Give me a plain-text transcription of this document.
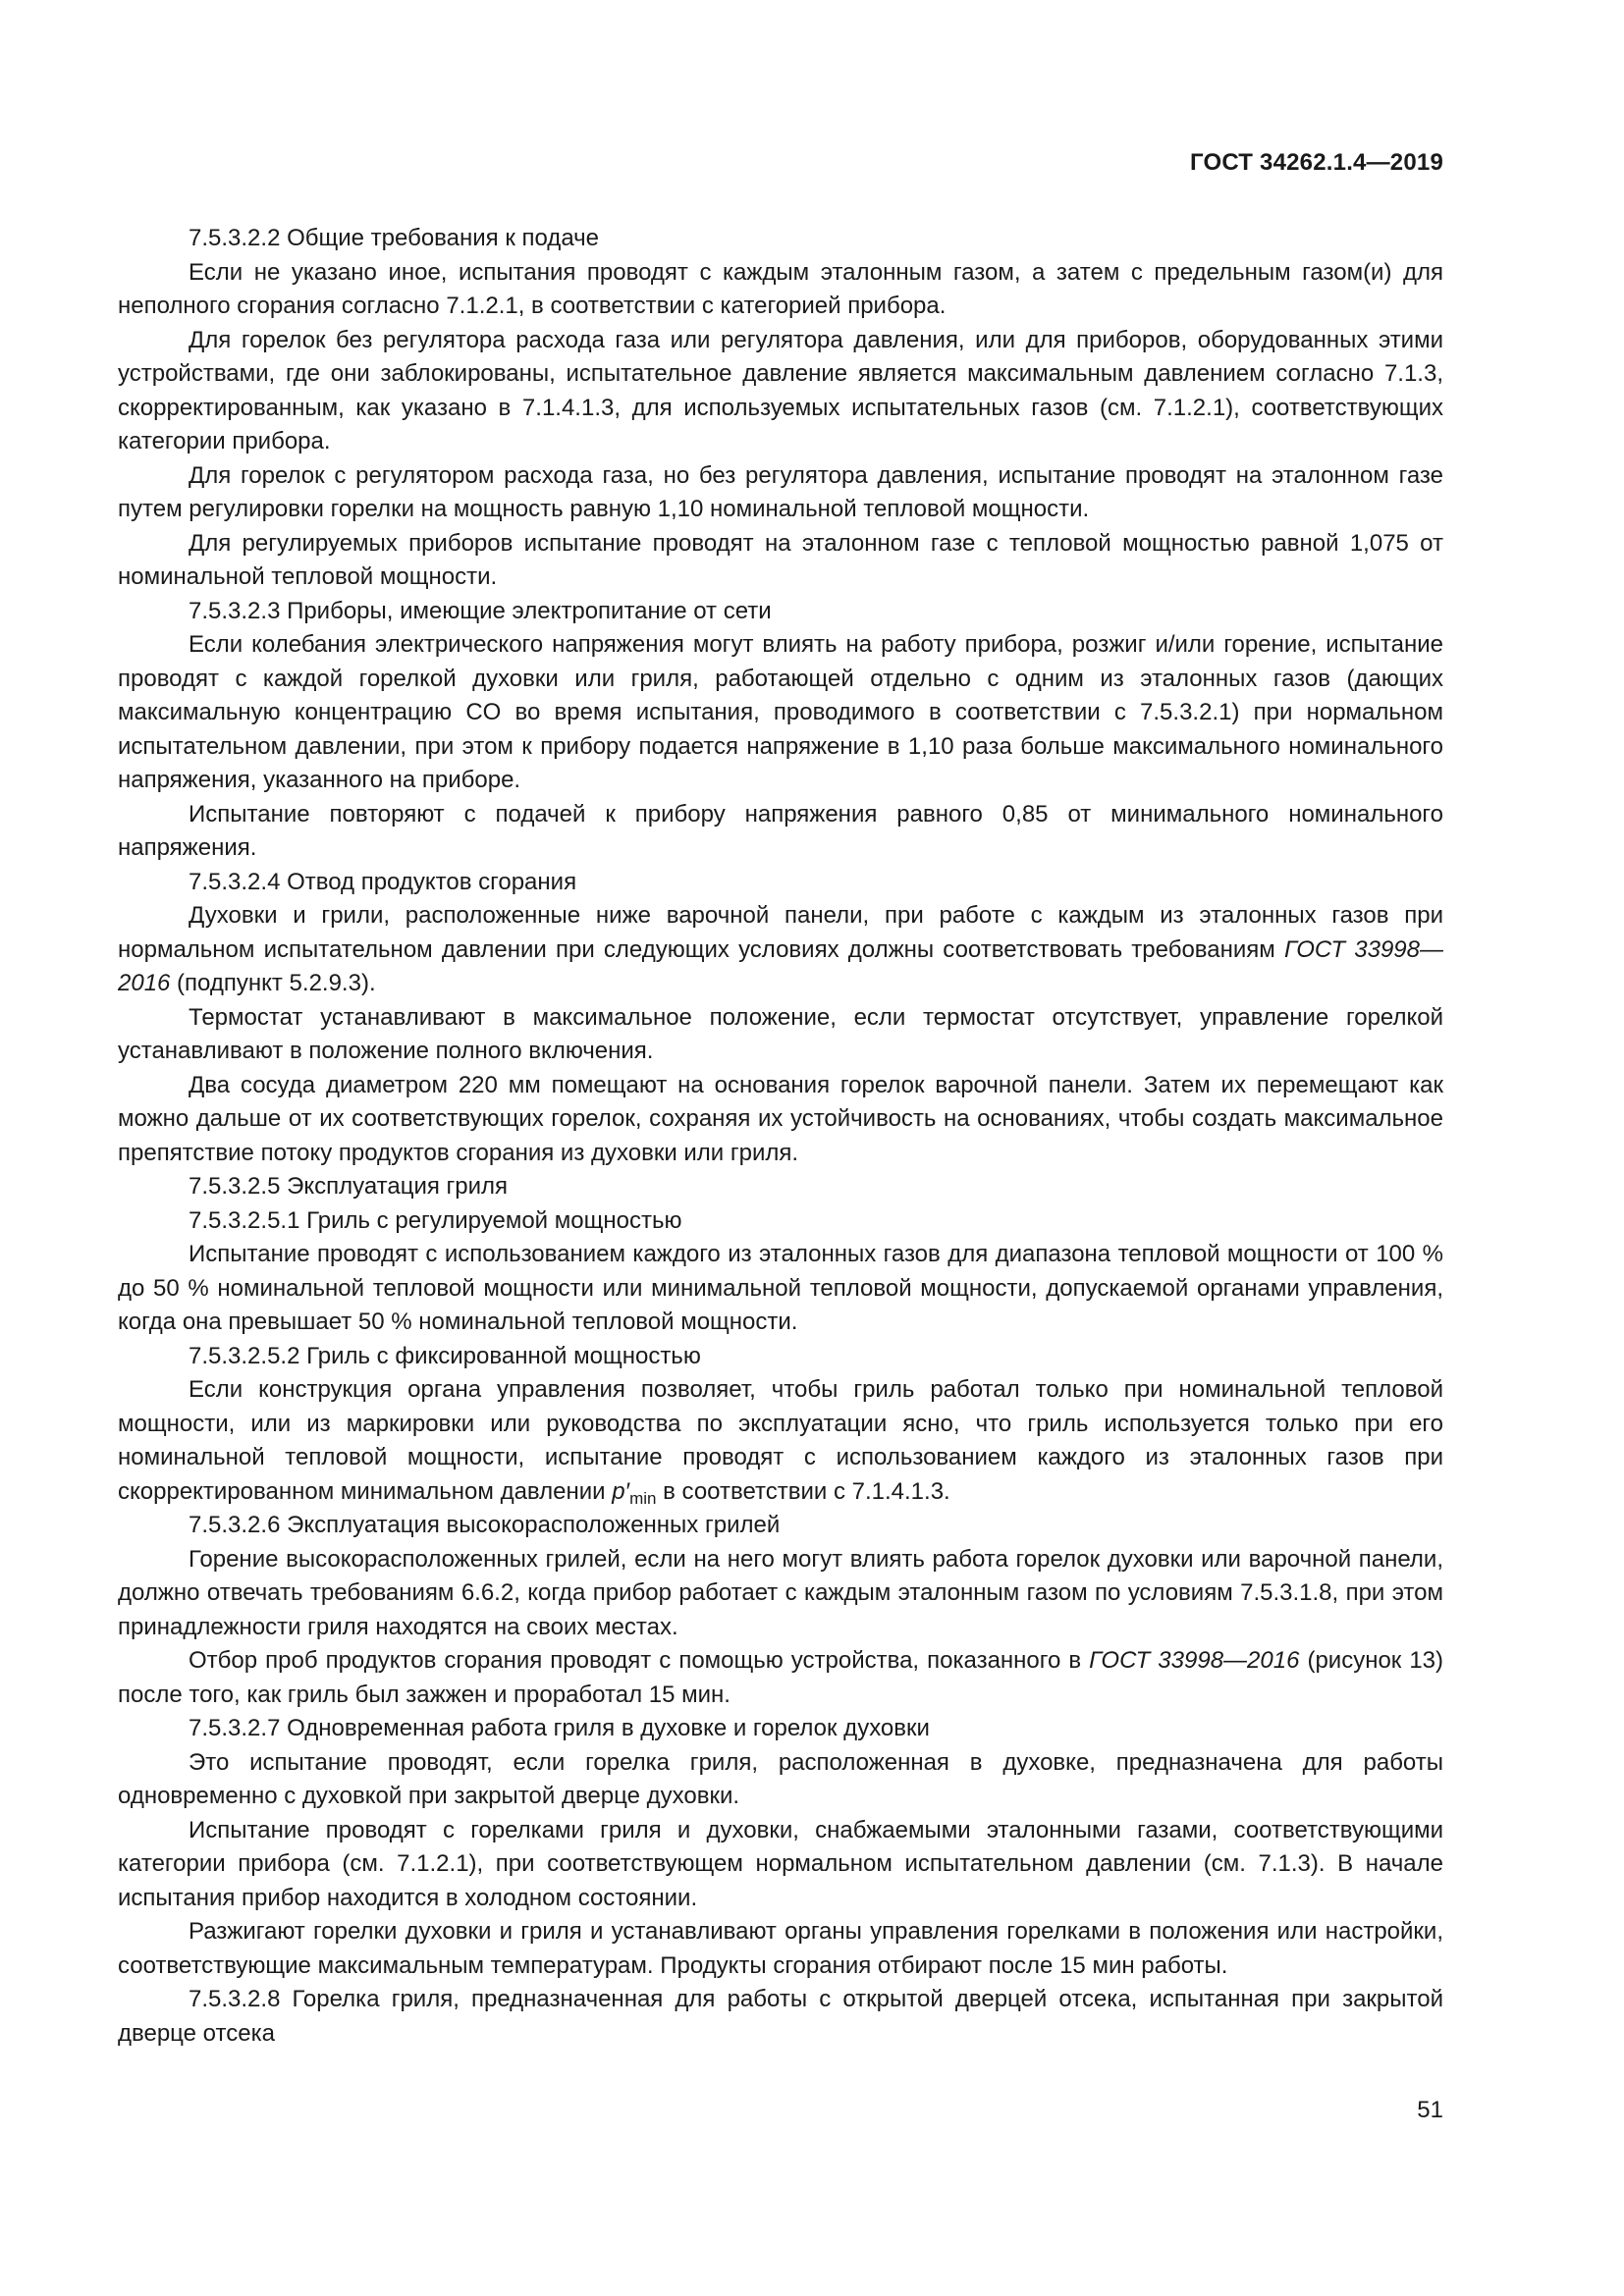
ГОСТ 34262.1.4—2019

7.5.3.2.2 Общие требования к подаче

Если не указано иное, испытания проводят с каждым эталонным газом, а затем с предельным газом(и) для неполного сгорания согласно 7.1.2.1, в соответствии с категорией прибора.

Для горелок без регулятора расхода газа или регулятора давления, или для приборов, оборудованных этими устройствами, где они заблокированы, испытательное давление является максимальным давлением согласно 7.1.3, скорректированным, как указано в 7.1.4.1.3, для используемых испытательных газов (см. 7.1.2.1), соответствующих категории прибора.

Для горелок с регулятором расхода газа, но без регулятора давления, испытание проводят на эталонном газе путем регулировки горелки на мощность равную 1,10 номинальной тепловой мощности.

Для регулируемых приборов испытание проводят на эталонном газе с тепловой мощностью равной 1,075 от номинальной тепловой мощности.

7.5.3.2.3 Приборы, имеющие электропитание от сети

Если колебания электрического напряжения могут влиять на работу прибора, розжиг и/или горение, испытание проводят с каждой горелкой духовки или гриля, работающей отдельно с одним из эталонных газов (дающих максимальную концентрацию CO во время испытания, проводимого в соответствии с 7.5.3.2.1) при нормальном испытательном давлении, при этом к прибору подается напряжение в 1,10 раза больше максимального номинального напряжения, указанного на приборе.

Испытание повторяют с подачей к прибору напряжения равного 0,85 от минимального номинального напряжения.

7.5.3.2.4 Отвод продуктов сгорания

Духовки и грили, расположенные ниже варочной панели, при работе с каждым из эталонных газов при нормальном испытательном давлении при следующих условиях должны соответствовать требованиям ГОСТ 33998—2016 (подпункт 5.2.9.3).

Термостат устанавливают в максимальное положение, если термостат отсутствует, управление горелкой устанавливают в положение полного включения.

Два сосуда диаметром 220 мм помещают на основания горелок варочной панели. Затем их перемещают как можно дальше от их соответствующих горелок, сохраняя их устойчивость на основаниях, чтобы создать максимальное препятствие потоку продуктов сгорания из духовки или гриля.

7.5.3.2.5 Эксплуатация гриля

7.5.3.2.5.1 Гриль с регулируемой мощностью

Испытание проводят с использованием каждого из эталонных газов для диапазона тепловой мощности от 100 % до 50 % номинальной тепловой мощности или минимальной тепловой мощности, допускаемой органами управления, когда она превышает 50 % номинальной тепловой мощности.

7.5.3.2.5.2 Гриль с фиксированной мощностью

Если конструкция органа управления позволяет, чтобы гриль работал только при номинальной тепловой мощности, или из маркировки или руководства по эксплуатации ясно, что гриль используется только при его номинальной тепловой мощности, испытание проводят с использованием каждого из эталонных газов при скорректированном минимальном давлении $p'_{min}$ в соответствии с 7.1.4.1.3.

7.5.3.2.6 Эксплуатация высокорасположенных грилей

Горение высокорасположенных грилей, если на него могут влиять работа горелок духовки или варочной панели, должно отвечать требованиям 6.6.2, когда прибор работает с каждым эталонным газом по условиям 7.5.3.1.8, при этом принадлежности гриля находятся на своих местах.

Отбор проб продуктов сгорания проводят с помощью устройства, показанного в ГОСТ 33998—2016 (рисунок 13) после того, как гриль был зажжен и проработал 15 мин.

7.5.3.2.7 Одновременная работа гриля в духовке и горелок духовки

Это испытание проводят, если горелка гриля, расположенная в духовке, предназначена для работы одновременно с духовкой при закрытой дверце духовки.

Испытание проводят с горелками гриля и духовки, снабжаемыми эталонными газами, соответствующими категории прибора (см. 7.1.2.1), при соответствующем нормальном испытательном давлении (см. 7.1.3). В начале испытания прибор находится в холодном состоянии.

Разжигают горелки духовки и гриля и устанавливают органы управления горелками в положения или настройки, соответствующие максимальным температурам. Продукты сгорания отбирают после 15 мин работы.

7.5.3.2.8 Горелка гриля, предназначенная для работы с открытой дверцей отсека, испытанная при закрытой дверце отсека

51
